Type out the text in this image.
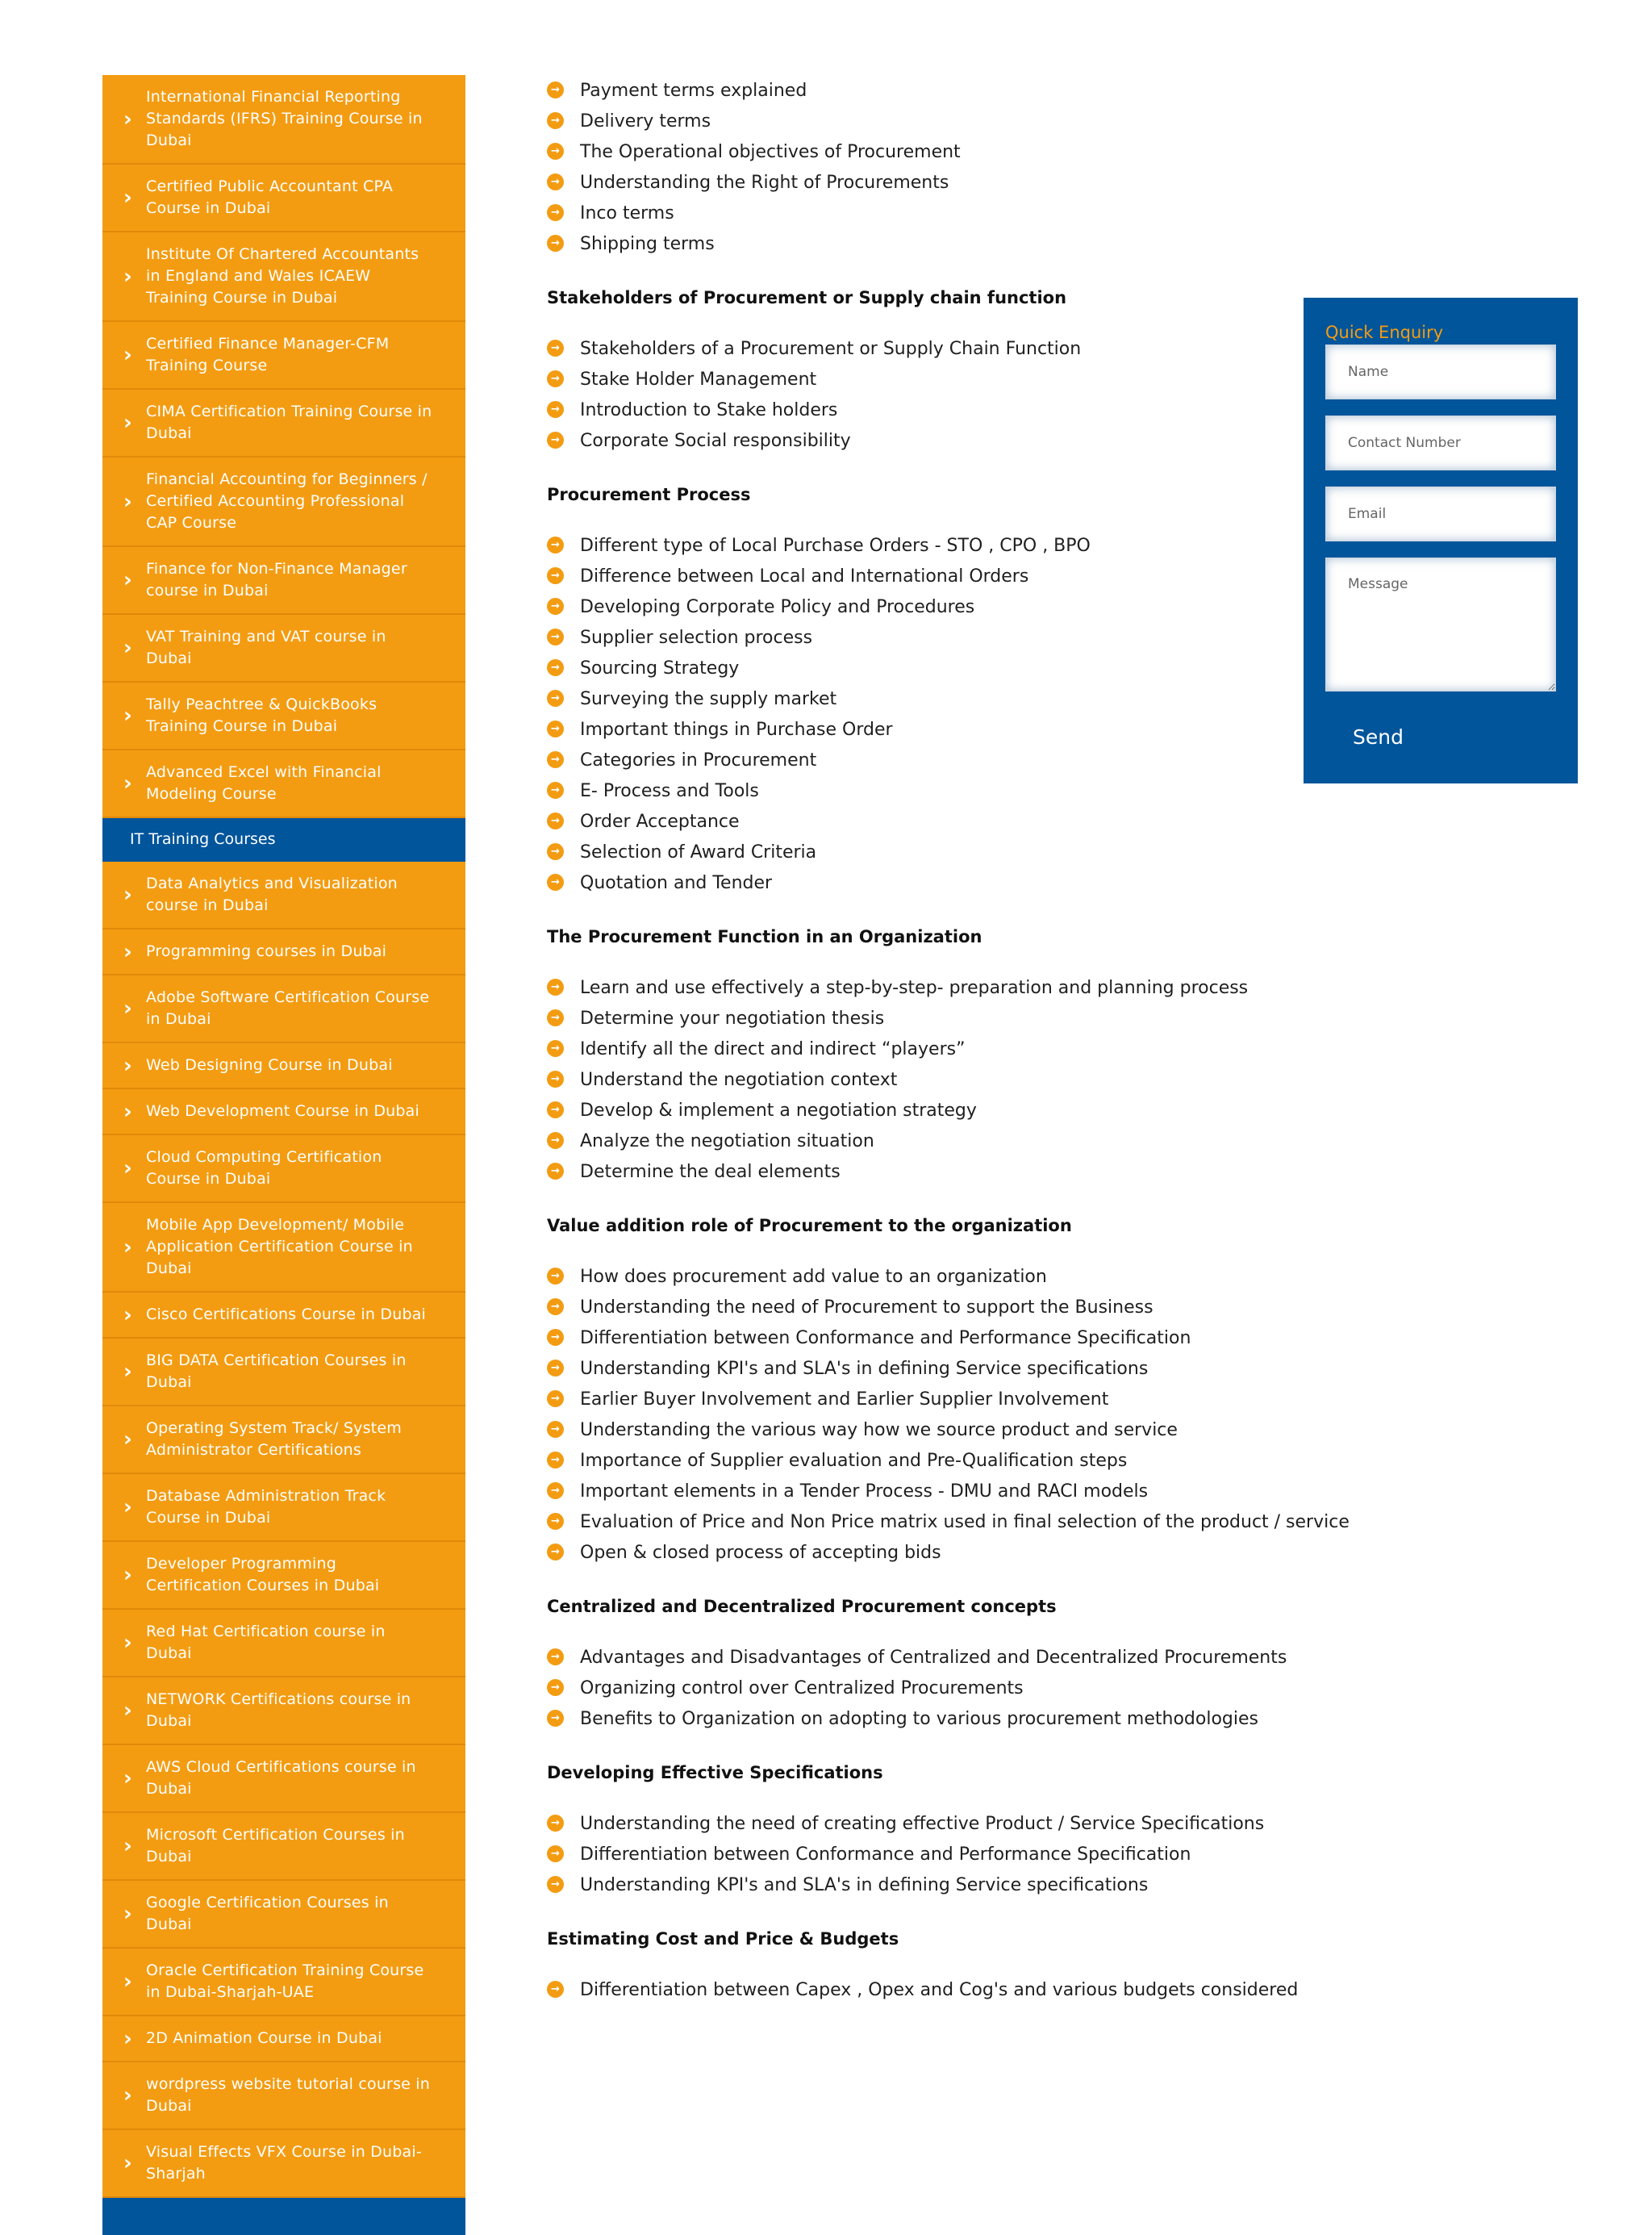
›
International Financial Reporting Standards (IFRS) Training Course in Dubai
› Certified Public Accountant CPA Course in Dubai
›
Institute Of Chartered Accountants in England and Wales ICAEW Training Course in Dubai
› Certified Finance Manager-CFM Training Course
› CIMA Certification Training Course in Dubai
›
Financial Accounting for Beginners / Certified Accounting Professional CAP Course
› Finance for Non-Finance Manager course in Dubai
› VAT Training and VAT course in Dubai
› Tally Peachtree & QuickBooks Training Course in Dubai
› Advanced Excel with Financial Modeling Course
IT Training Courses
› Data Analytics and Visualization course in Dubai
› Programming courses in Dubai
› Adobe Software Certification Course in Dubai
› Web Designing Course in Dubai
› Web Development Course in Dubai
› Cloud Computing Certification Course in Dubai
›
Mobile App Development/ Mobile Application Certification Course in Dubai
› Cisco Certifications Course in Dubai
› BIG DATA Certification Courses in Dubai
› Operating System Track/ System Administrator Certifications
› Database Administration Track Course in Dubai
› Developer Programming Certification Courses in Dubai
› Red Hat Certification course in Dubai
› NETWORK Certifications course in Dubai
› AWS Cloud Certifications course in Dubai
› Microsoft Certification Courses in Dubai
› Google Certification Courses in Dubai
› Oracle Certification Training Course in Dubai-Sharjah-UAE
› 2D Animation Course in Dubai
› wordpress website tutorial course in Dubai
› Visual Effects VFX Course in Dubai-Sharjah
→ Payment terms explained
→ Delivery terms
→ The Operational objectives of Procurement
→ Understanding the Right of Procurements
→ Inco terms
→ Shipping terms
Stakeholders of Procurement or Supply chain function
→ Stakeholders of a Procurement or Supply Chain Function
→ Stake Holder Management
→ Introduction to Stake holders
→ Corporate Social responsibility
Procurement Process
→ Different type of Local Purchase Orders - STO , CPO , BPO
→ Difference between Local and International Orders
→ Developing Corporate Policy and Procedures
→ Supplier selection process
→ Sourcing Strategy
→ Surveying the supply market
→ Important things in Purchase Order
→ Categories in Procurement
→ E- Process and Tools
→ Order Acceptance
→ Selection of Award Criteria
→ Quotation and Tender
The Procurement Function in an Organization
→ Learn and use effectively a step-by-step- preparation and planning process
→ Determine your negotiation thesis
→ Identify all the direct and indirect “players”
→ Understand the negotiation context
→ Develop & implement a negotiation strategy
→ Analyze the negotiation situation
→ Determine the deal elements
Value addition role of Procurement to the organization
→ How does procurement add value to an organization
→ Understanding the need of Procurement to support the Business
→ Differentiation between Conformance and Performance Specification
→ Understanding KPI's and SLA's in defining Service specifications
→ Earlier Buyer Involvement and Earlier Supplier Involvement
→ Understanding the various way how we source product and service
→ Importance of Supplier evaluation and Pre-Qualification steps
→ Important elements in a Tender Process - DMU and RACI models
→ Evaluation of Price and Non Price matrix used in final selection of the product / service
→ Open & closed process of accepting bids
Centralized and Decentralized Procurement concepts
→ Advantages and Disadvantages of Centralized and Decentralized Procurements
→ Organizing control over Centralized Procurements
→ Benefits to Organization on adopting to various procurement methodologies
Developing Effective Specifications
→ Understanding the need of creating effective Product / Service Specifications
→ Differentiation between Conformance and Performance Specification
→ Understanding KPI's and SLA's in defining Service specifications
Estimating Cost and Price & Budgets
→ Differentiation between Capex , Opex and Cog's and various budgets considered
Quick Enquiry
Name Contact Number Email Message Send
